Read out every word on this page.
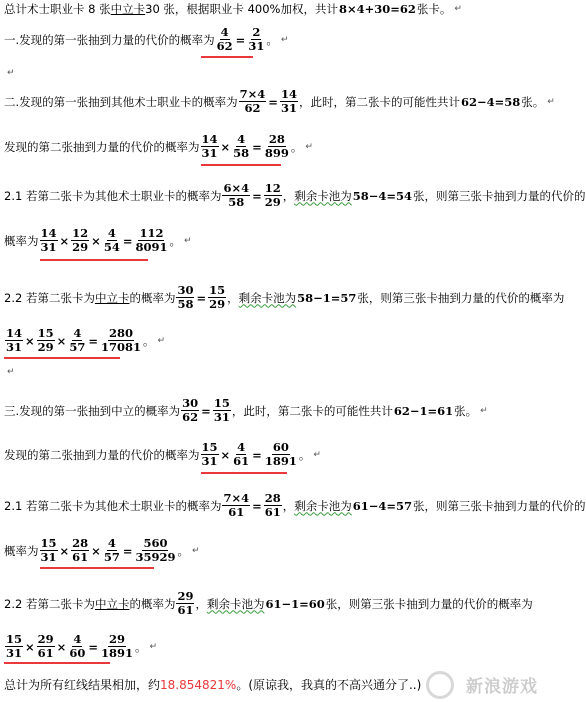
总计术士职业卡 8 张 中立卡 30 张，根据职业卡 400%加权，共计 8×4+30=62 张卡。 ↵
一.发现的第一张抽到力量的代价的概率为 $\frac{4}{62} = \frac{2}{31}$ 。 ↵
↵
二.发现的第一张抽到其他术士职业卡的概率为 $\frac{7\times 4}{62} = \frac{14}{31}$ ，此时，第二张卡的可能性共计 62−4=58 张。 ↵
发现的第二张抽到力量的代价的概率为 $\frac{14}{31} \times \frac{4}{58} = \frac{28}{899}$ 。 ↵
2.1 若第二张卡为其他术士职业卡的概率为 $\frac{6\times 4}{58} = \frac{12}{29}$ ， 剩余卡池为 58−4=54 张，则第三张卡抽到力量的代价的
概率为 $\frac{14}{31} \times \frac{12}{29} \times \frac{4}{54} = \frac{112}{8091}$ 。 ↵
2.2 若第二张卡为 中立卡 的概率为 $\frac{30}{58} = \frac{15}{29}$ ， 剩余卡池为 58−1=57 张，则第三张卡抽到力量的代价的概率为
$\frac{14}{31} \times \frac{15}{29} \times \frac{4}{57} = \frac{280}{17081}$ 。 ↵
↵
三.发现的第一张抽到中立的概率为 $\frac{30}{62} = \frac{15}{31}$ ，此时，第二张卡的可能性共计 62−1=61 张。 ↵
发现的第二张抽到力量的代价的概率为 $\frac{15}{31} \times \frac{4}{61} = \frac{60}{1891}$ 。 ↵
2.1 若第二张卡为其他术士职业卡的概率为 $\frac{7\times 4}{61} = \frac{28}{61}$ ， 剩余卡池为 61−4=57 张，则第三张卡抽到力量的代价的
概率为 $\frac{15}{31} \times \frac{28}{61} \times \frac{4}{57} = \frac{560}{35929}$ 。 ↵
2.2 若第二张卡为 中立卡 的概率为
29
61 ， 剩余卡池为 61−1=60 张，则第三张卡抽到力量的代价的概率为
$\frac{15}{31} \times \frac{29}{61} \times \frac{4}{60} = \frac{29}{1891}$ 。 ↵
总计为所有红线结果相加，约 18.854821% 。(原谅我，我真的不高兴通分了..)	新浪游戏
